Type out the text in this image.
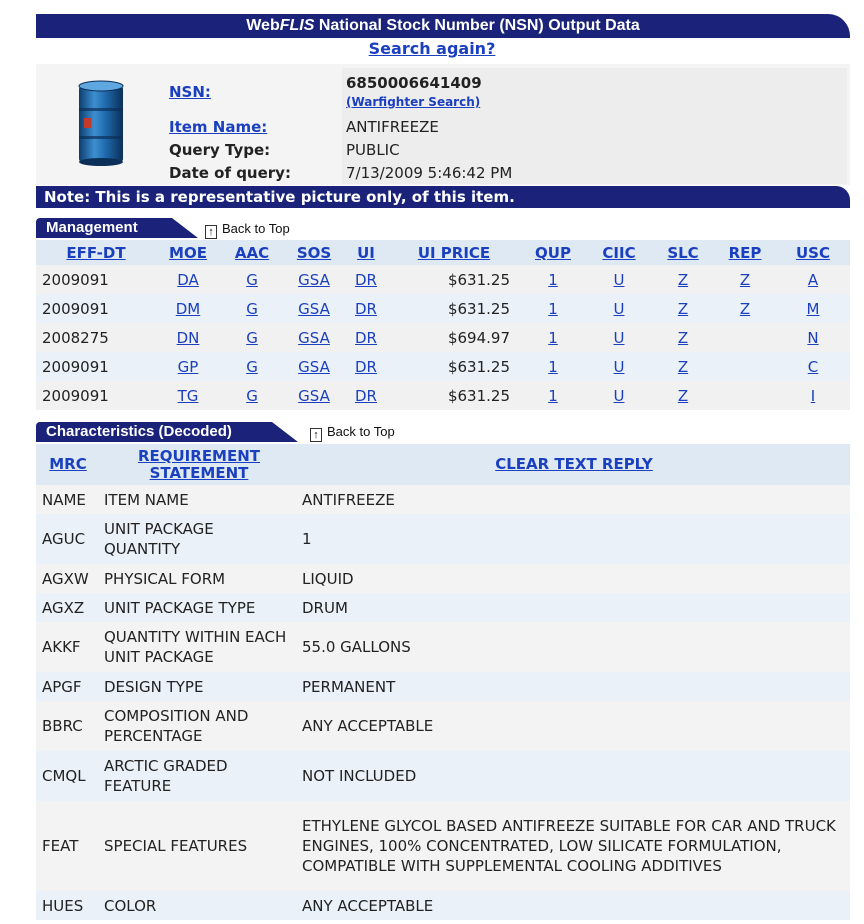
WebFLIS National Stock Number (NSN) Output Data
Search again?
NSN:	6850006641409
(Warfighter Search)

Item Name:	ANTIFREEZE
Query Type:	PUBLIC
Date of query:	7/13/2009 5:46:42 PM
Note: This is a representative picture only, of this item.
Management	↑ Back to Top
EFF-DT	MOE	AAC	SOS	UI	UI PRICE	QUP	CIIC	SLC	REP	USC
2009091	DA	G	GSA	DR	$631.25	1	U	Z	Z	A
2009091	DM	G	GSA	DR	$631.25	1	U	Z	Z	M
2008275	DN	G	GSA	DR	$694.97	1	U	Z		N
2009091	GP	G	GSA	DR	$631.25	1	U	Z		C
2009091	TG	G	GSA	DR	$631.25	1	U	Z		I
Characteristics (Decoded)	↑ Back to Top
MRC	REQUIREMENT STATEMENT	CLEAR TEXT REPLY
NAME	ITEM NAME	ANTIFREEZE
AGUC	UNIT PACKAGE QUANTITY	1
AGXW	PHYSICAL FORM	LIQUID
AGXZ	UNIT PACKAGE TYPE	DRUM
AKKF	QUANTITY WITHIN EACH UNIT PACKAGE	55.0 GALLONS
APGF	DESIGN TYPE	PERMANENT
BBRC	COMPOSITION AND PERCENTAGE	ANY ACCEPTABLE
CMQL	ARCTIC GRADED FEATURE	NOT INCLUDED
FEAT	SPECIAL FEATURES	ETHYLENE GLYCOL BASED ANTIFREEZE SUITABLE FOR CAR AND TRUCK ENGINES, 100% CONCENTRATED, LOW SILICATE FORMULATION, COMPATIBLE WITH SUPPLEMENTAL COOLING ADDITIVES
HUES	COLOR	ANY ACCEPTABLE
